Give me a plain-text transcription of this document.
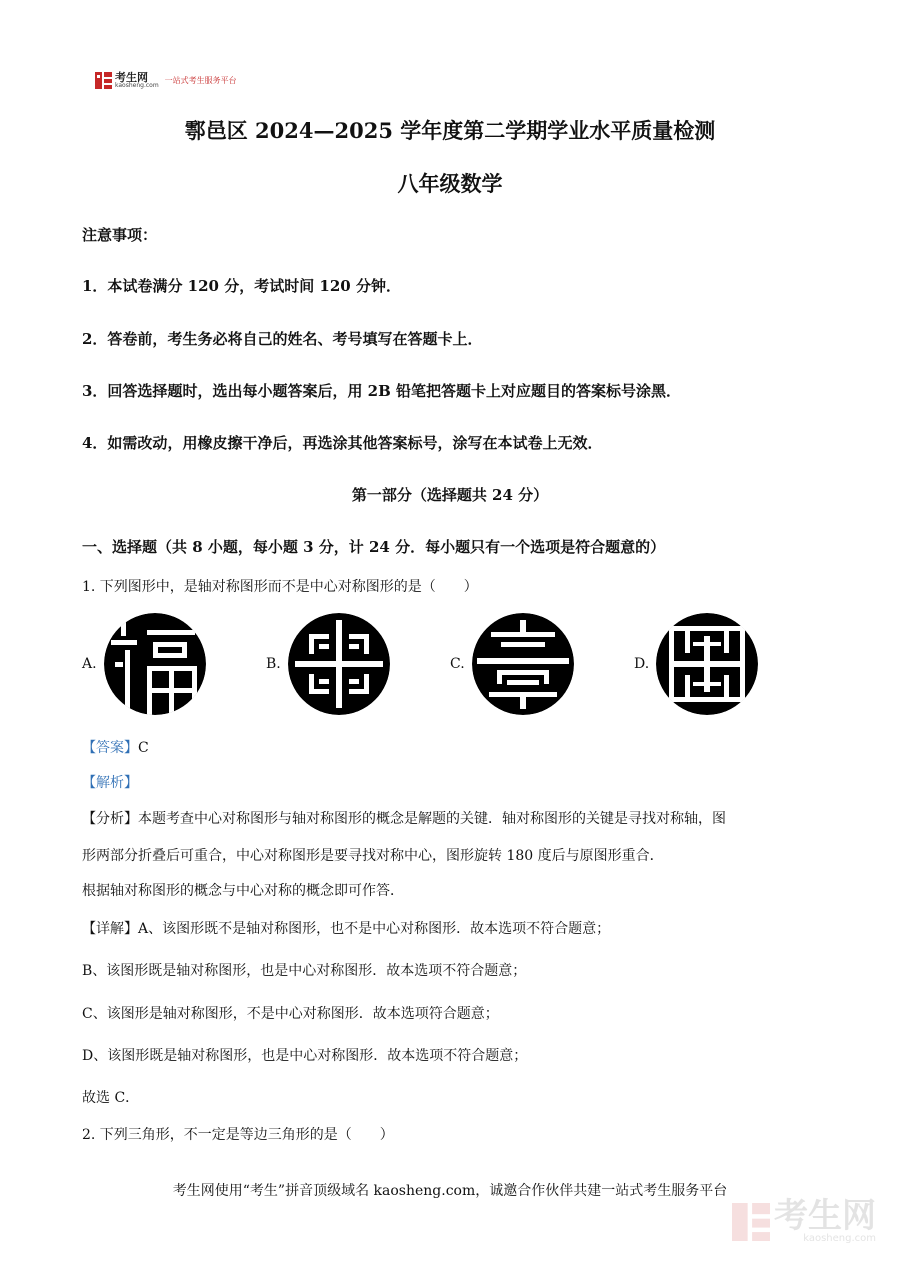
考生网
kaosheng.com
一站式考生服务平台
鄠邑区 2024—2025 学年度第二学期学业水平质量检测
八年级数学
注意事项：
1．本试卷满分 120 分，考试时间 120 分钟．
2．答卷前，考生务必将自己的姓名、考号填写在答题卡上．
3．回答选择题时，选出每小题答案后，用 2B 铅笔把答题卡上对应题目的答案标号涂黑．
4．如需改动，用橡皮擦干净后，再选涂其他答案标号，涂写在本试卷上无效．
第一部分（选择题共 24 分）
一、选择题（共 8 小题，每小题 3 分，计 24 分．每小题只有一个选项是符合题意的）
1. 下列图形中，是轴对称图形而不是中心对称图形的是（　　）
A.	B.	C.	D.
【答案】C
【解析】
【分析】本题考查中心对称图形与轴对称图形的概念是解题的关键．轴对称图形的关键是寻找对称轴，图
形两部分折叠后可重合，中心对称图形是要寻找对称中心，图形旋转 180 度后与原图形重合．
根据轴对称图形的概念与中心对称的概念即可作答．
【详解】A、该图形既不是轴对称图形，也不是中心对称图形．故本选项不符合题意；
B、该图形既是轴对称图形，也是中心对称图形．故本选项不符合题意；
C、该图形是轴对称图形，不是中心对称图形．故本选项符合题意；
D、该图形既是轴对称图形，也是中心对称图形．故本选项不符合题意；
故选 C．
2. 下列三角形，不一定是等边三角形的是（　　）
考生网使用“考生”拼音顶级域名 kaosheng.com，诚邀合作伙伴共建一站式考生服务平台
考生网
kaosheng.com
